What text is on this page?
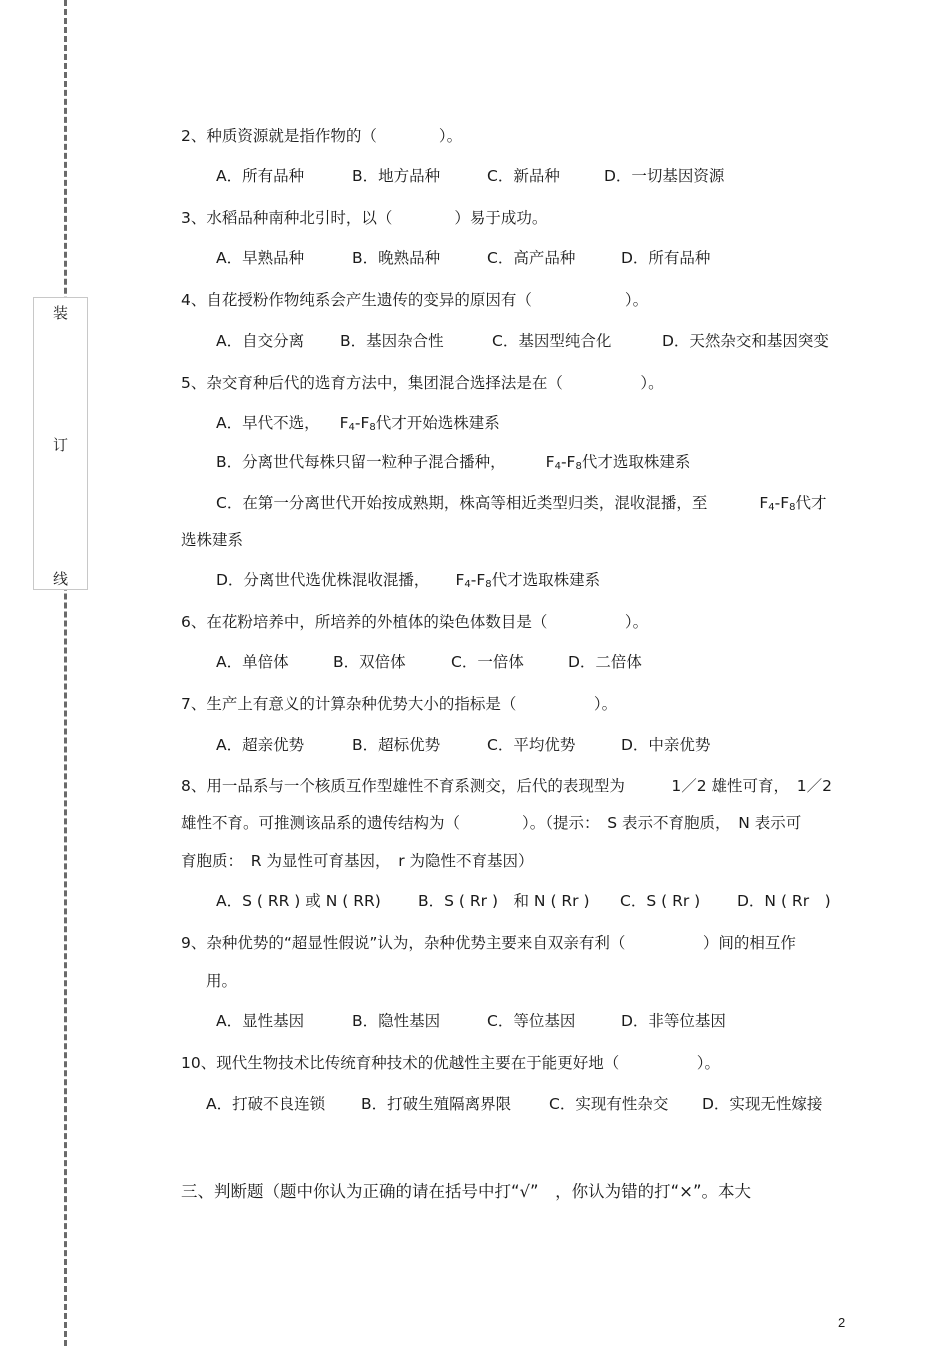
装
订
线
2、种质资源就是指作物的（　　　　）。
A．所有品种	B．地方品种	C．新品种	D．一切基因资源
3、水稻品种南种北引时，以（　　　　）易于成功。
A．早熟品种	B．晚熟品种	C．高产品种	D．所有品种
4、自花授粉作物纯系会产生遗传的变异的原因有（　　　　　　）。
A．自交分离 B．基因杂合性	C．基因型纯合化	D．天然杂交和基因突变
5、杂交育种后代的选育方法中，集团混合选择法是在（　　　　　）。
A．早代不选， $F_4-F_8$代才开始选株建系
B．分离世代每株只留一粒种子混合播种，	$F_4-F_8$代才选取株建系
C．在第一分离世代开始按成熟期，株高等相近类型归类，混收混播，至	$F_4-F_8$代才
选株建系
D．分离世代选优株混收混播， $F_4-F_8$代才选取株建系
6、在花粉培养中，所培养的外植体的染色体数目是（　　　　　）。
A．单倍体	B．双倍体	C．一倍体	D．二倍体
7、生产上有意义的计算杂种优势大小的指标是（　　　　　）。
A．超亲优势	B．超标优势	C．平均优势	D．中亲优势
8、用一品系与一个核质互作型雄性不育系测交，后代的表现型为　　　1／2 雄性可育，　1／2
雄性不育。可推测该品系的遗传结构为（　　　　）。（提示：　S 表示不育胞质，　N 表示可
育胞质：　R 为显性可育基因，　r 为隐性不育基因）
A．S ( RR ) 或 N ( RR) B．S ( Rr )　和 N ( Rr ) C．S ( Rr ) D．N ( Rr　)
9、杂种优势的“超显性假说”认为，杂种优势主要来自双亲有利（　　　　　）间的相互作
用。
A．显性基因	B．隐性基因	C．等位基因	D．非等位基因
10、现代生物技术比传统育种技术的优越性主要在于能更好地（　　　　　）。
A．打破不良连锁 B．打破生殖隔离界限 C．实现有性杂交 D．实现无性嫁接
三、判断题（题中你认为正确的请在括号中打“√”　，你认为错的打“×”。本大
2
